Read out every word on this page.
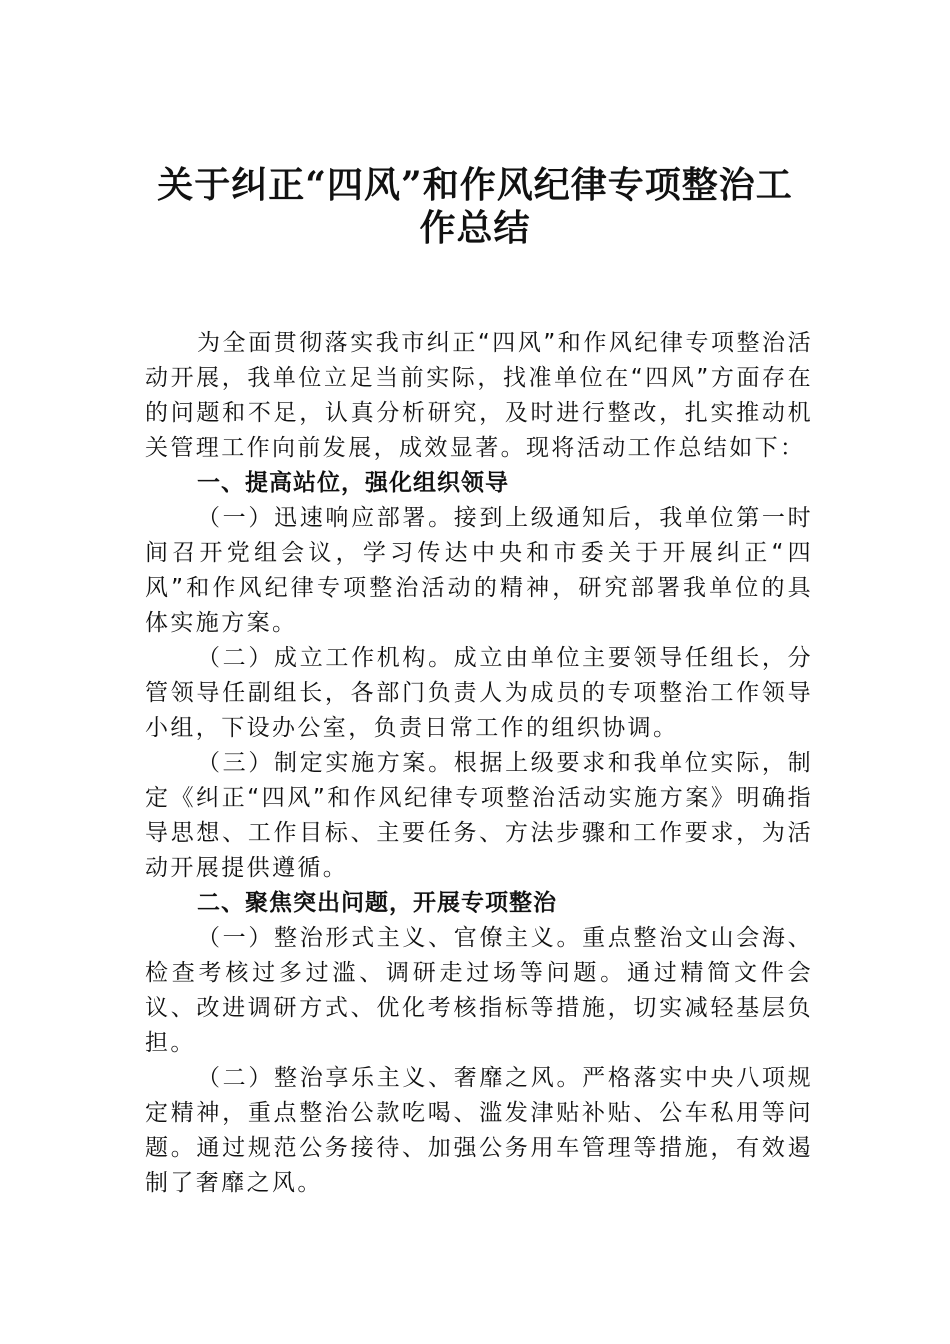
关于纠正“四风”和作风纪律专项整治工
作总结

为全面贯彻落实我市纠正“四风”和作风纪律专项整治活动开展，我单位立足当前实际，找准单位在“四风”方面存在的问题和不足，认真分析研究，及时进行整改，扎实推动机关管理工作向前发展，成效显著。现将活动工作总结如下：

一、提高站位，强化组织领导

（一）迅速响应部署。接到上级通知后，我单位第一时间召开党组会议，学习传达中央和市委关于开展纠正“四风”和作风纪律专项整治活动的精神，研究部署我单位的具体实施方案。

（二）成立工作机构。成立由单位主要领导任组长，分管领导任副组长，各部门负责人为成员的专项整治工作领导小组，下设办公室，负责日常工作的组织协调。

（三）制定实施方案。根据上级要求和我单位实际，制定《纠正“四风”和作风纪律专项整治活动实施方案》明确指导思想、工作目标、主要任务、方法步骤和工作要求，为活动开展提供遵循。

二、聚焦突出问题，开展专项整治

（一）整治形式主义、官僚主义。重点整治文山会海、检查考核过多过滥、调研走过场等问题。通过精简文件会议、改进调研方式、优化考核指标等措施，切实减轻基层负担。

（二）整治享乐主义、奢靡之风。严格落实中央八项规定精神，重点整治公款吃喝、滥发津贴补贴、公车私用等问题。通过规范公务接待、加强公务用车管理等措施，有效遏制了奢靡之风。
